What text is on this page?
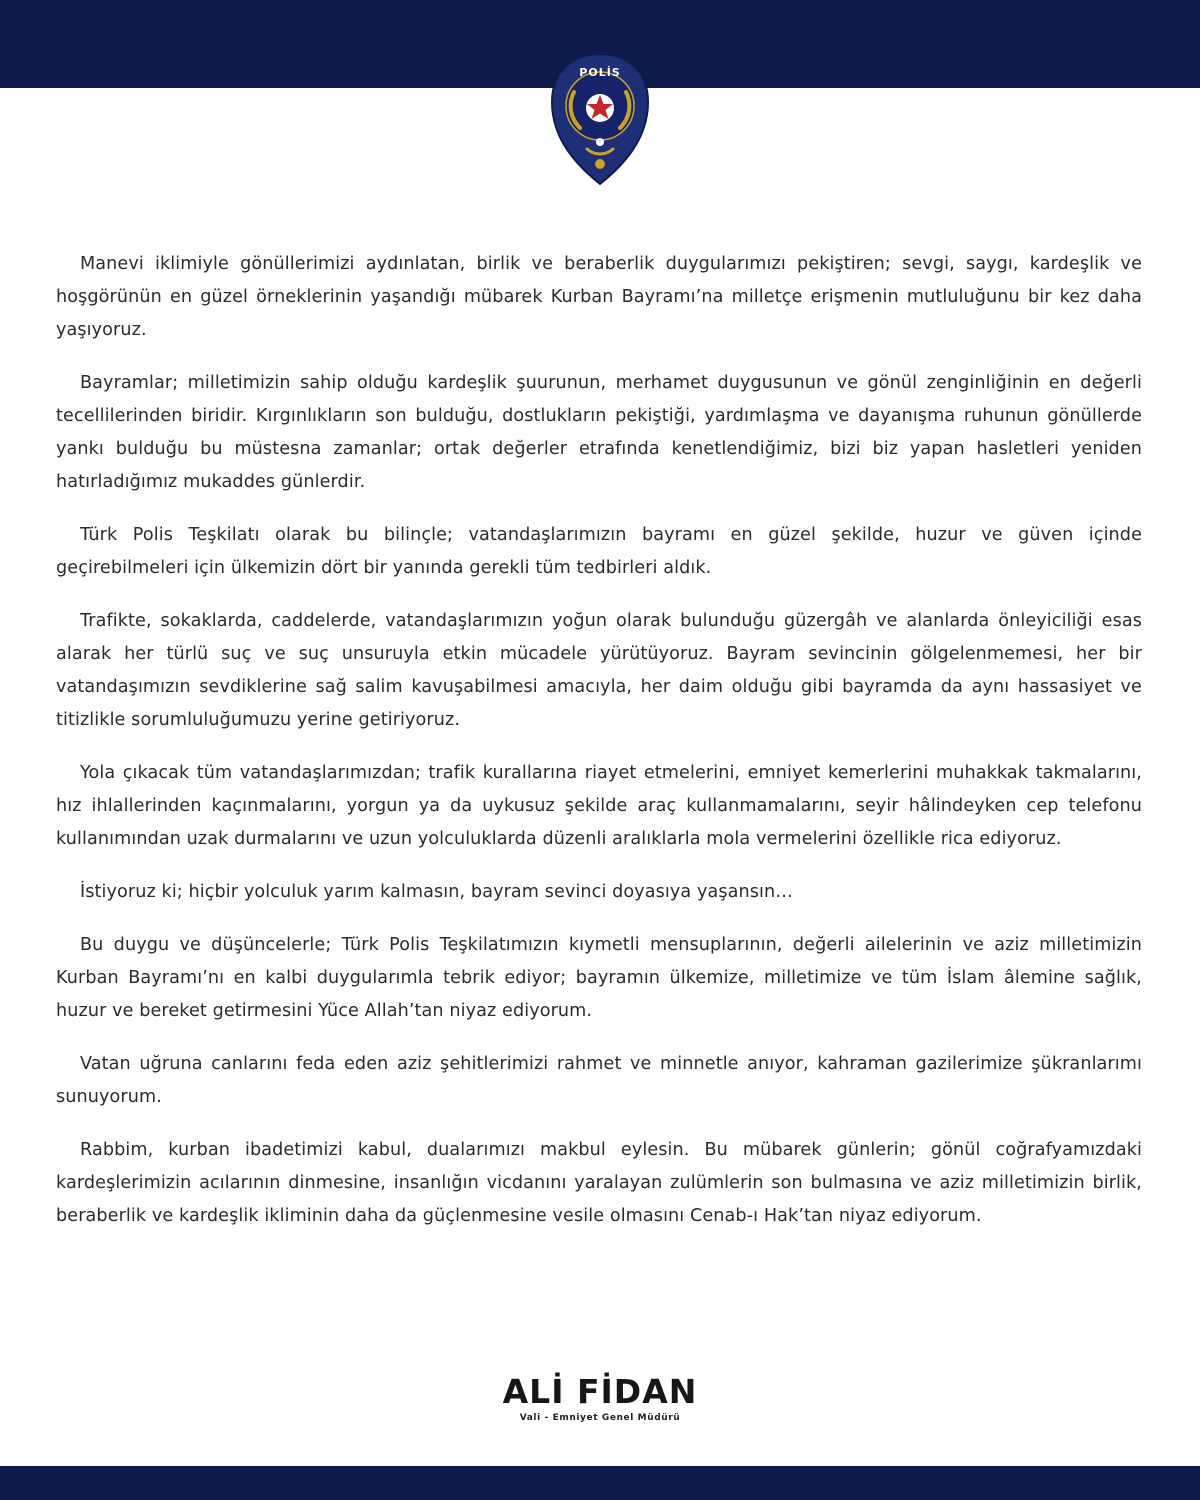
POLİS

Manevi iklimiyle gönüllerimizi aydınlatan, birlik ve beraberlik duygularımızı pekiştiren; sevgi, saygı, kardeşlik ve hoşgörünün en güzel örneklerinin yaşandığı mübarek Kurban Bayramı’na milletçe erişmenin mutluluğunu bir kez daha yaşıyoruz.

Bayramlar; milletimizin sahip olduğu kardeşlik şuurunun, merhamet duygusunun ve gönül zenginliğinin en değerli tecellilerinden biridir. Kırgınlıkların son bulduğu, dostlukların pekiştiği, yardımlaşma ve dayanışma ruhunun gönüllerde yankı bulduğu bu müstesna zamanlar; ortak değerler etrafında kenetlendiğimiz, bizi biz yapan hasletleri yeniden hatırladığımız mukaddes günlerdir.

Türk Polis Teşkilatı olarak bu bilinçle; vatandaşlarımızın bayramı en güzel şekilde, huzur ve güven içinde geçirebilmeleri için ülkemizin dört bir yanında gerekli tüm tedbirleri aldık.

Trafikte, sokaklarda, caddelerde, vatandaşlarımızın yoğun olarak bulunduğu güzergâh ve alanlarda önleyiciliği esas alarak her türlü suç ve suç unsuruyla etkin mücadele yürütüyoruz. Bayram sevincinin gölgelenmemesi, her bir vatandaşımızın sevdiklerine sağ salim kavuşabilmesi amacıyla, her daim olduğu gibi bayramda da aynı hassasiyet ve titizlikle sorumluluğumuzu yerine getiriyoruz.

Yola çıkacak tüm vatandaşlarımızdan; trafik kurallarına riayet etmelerini, emniyet kemerlerini muhakkak takmalarını, hız ihlallerinden kaçınmalarını, yorgun ya da uykusuz şekilde araç kullanmamalarını, seyir hâlindeyken cep telefonu kullanımından uzak durmalarını ve uzun yolculuklarda düzenli aralıklarla mola vermelerini özellikle rica ediyoruz.

İstiyoruz ki; hiçbir yolculuk yarım kalmasın, bayram sevinci doyasıya yaşansın…

Bu duygu ve düşüncelerle; Türk Polis Teşkilatımızın kıymetli mensuplarının, değerli ailelerinin ve aziz milletimizin Kurban Bayramı’nı en kalbi duygularımla tebrik ediyor; bayramın ülkemize, milletimize ve tüm İslam âlemine sağlık, huzur ve bereket getirmesini Yüce Allah’tan niyaz ediyorum.

Vatan uğruna canlarını feda eden aziz şehitlerimizi rahmet ve minnetle anıyor, kahraman gazilerimize şükranlarımı sunuyorum.

Rabbim, kurban ibadetimizi kabul, dualarımızı makbul eylesin. Bu mübarek günlerin; gönül coğrafyamızdaki kardeşlerimizin acılarının dinmesine, insanlığın vicdanını yaralayan zulümlerin son bulmasına ve aziz milletimizin birlik, beraberlik ve kardeşlik ikliminin daha da güçlenmesine vesile olmasını Cenab-ı Hak’tan niyaz ediyorum.

ALİ FİDAN
Vali - Emniyet Genel Müdürü
